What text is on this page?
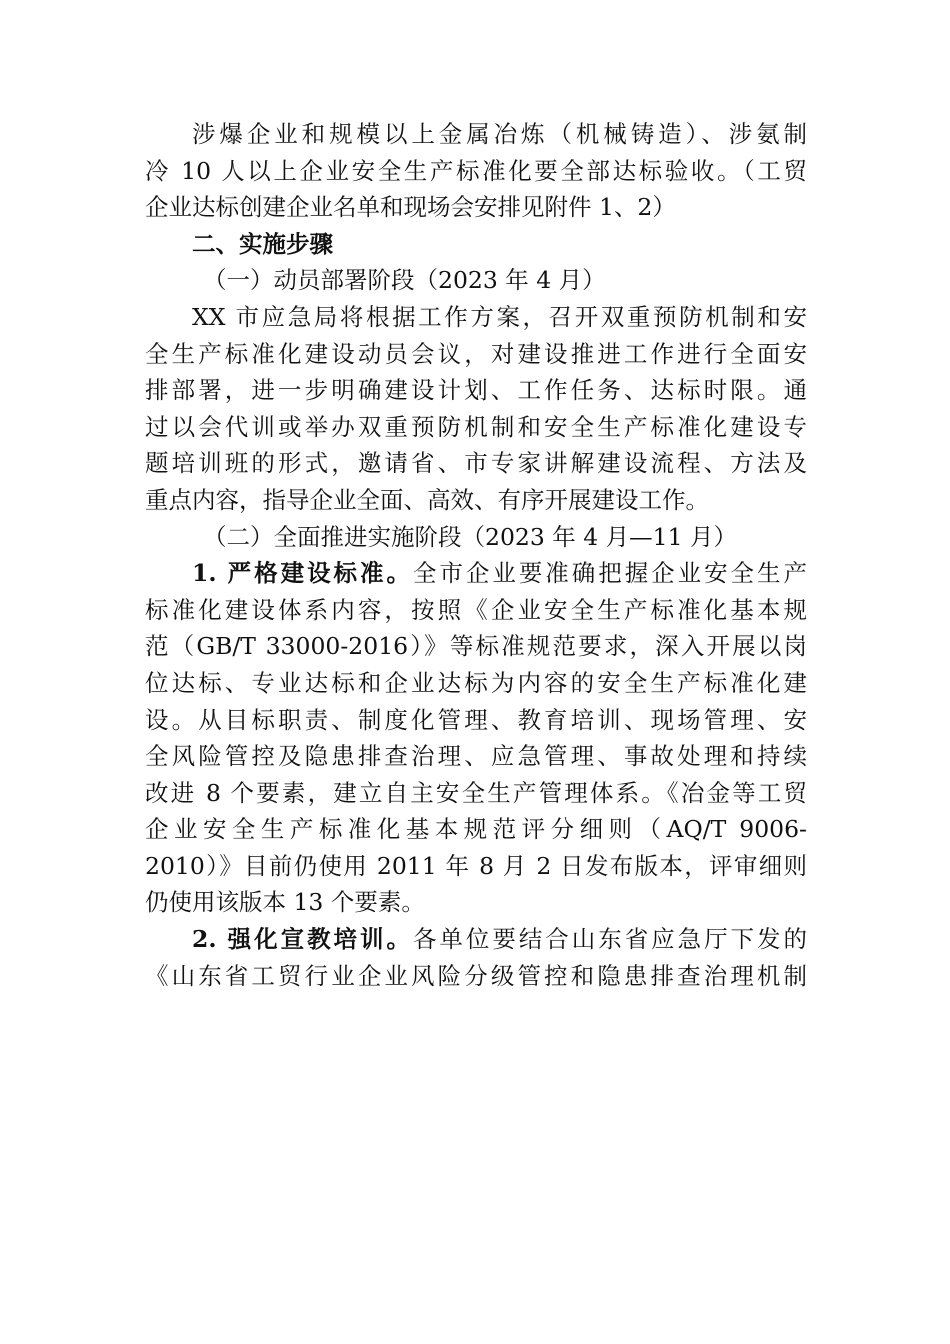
涉爆企业和规模以上金属冶炼（机械铸造）、涉氨制
冷 10 人以上企业安全生产标准化要全部达标验收。（工贸
企业达标创建企业名单和现场会安排见附件 1、2）
二、实施步骤
（一）动员部署阶段（2023 年 4 月）
XX 市应急局将根据工作方案，召开双重预防机制和安
全生产标准化建设动员会议，对建设推进工作进行全面安
排部署，进一步明确建设计划、工作任务、达标时限。通
过以会代训或举办双重预防机制和安全生产标准化建设专
题培训班的形式，邀请省、市专家讲解建设流程、方法及
重点内容，指导企业全面、高效、有序开展建设工作。
（二）全面推进实施阶段（2023 年 4 月—11 月）
1. 严格建设标准。全市企业要准确把握企业安全生产
标准化建设体系内容，按照《企业安全生产标准化基本规
范（GB/T 33000-2016）》等标准规范要求，深入开展以岗
位达标、专业达标和企业达标为内容的安全生产标准化建
设。从目标职责、制度化管理、教育培训、现场管理、安
全风险管控及隐患排查治理、应急管理、事故处理和持续
改进 8 个要素，建立自主安全生产管理体系。《冶金等工贸
企业安全生产标准化基本规范评分细则（AQ/T 9006-
2010）》目前仍使用 2011 年 8 月 2 日发布版本，评审细则
仍使用该版本 13 个要素。
2. 强化宣教培训。各单位要结合山东省应急厅下发的
《山东省工贸行业企业风险分级管控和隐患排查治理机制
